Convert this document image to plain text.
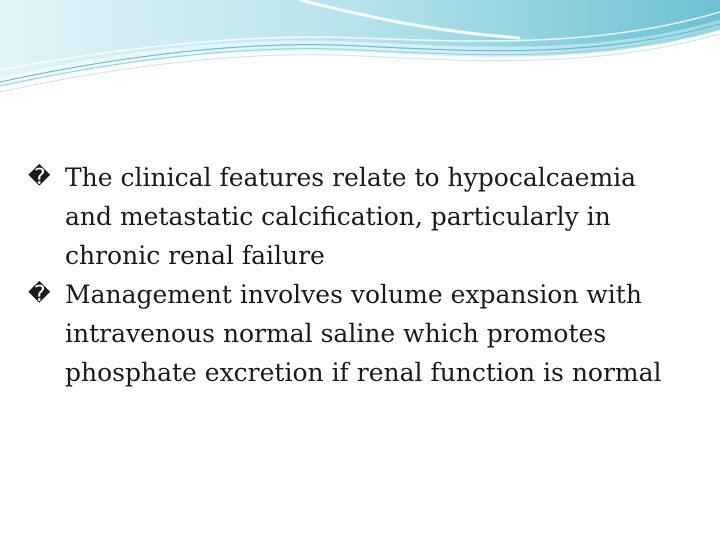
� The clinical features relate to hypocalcaemia and metastatic calcification, particularly in chronic renal failure
� Management involves volume expansion with intravenous normal saline which promotes phosphate excretion if renal function is normal
